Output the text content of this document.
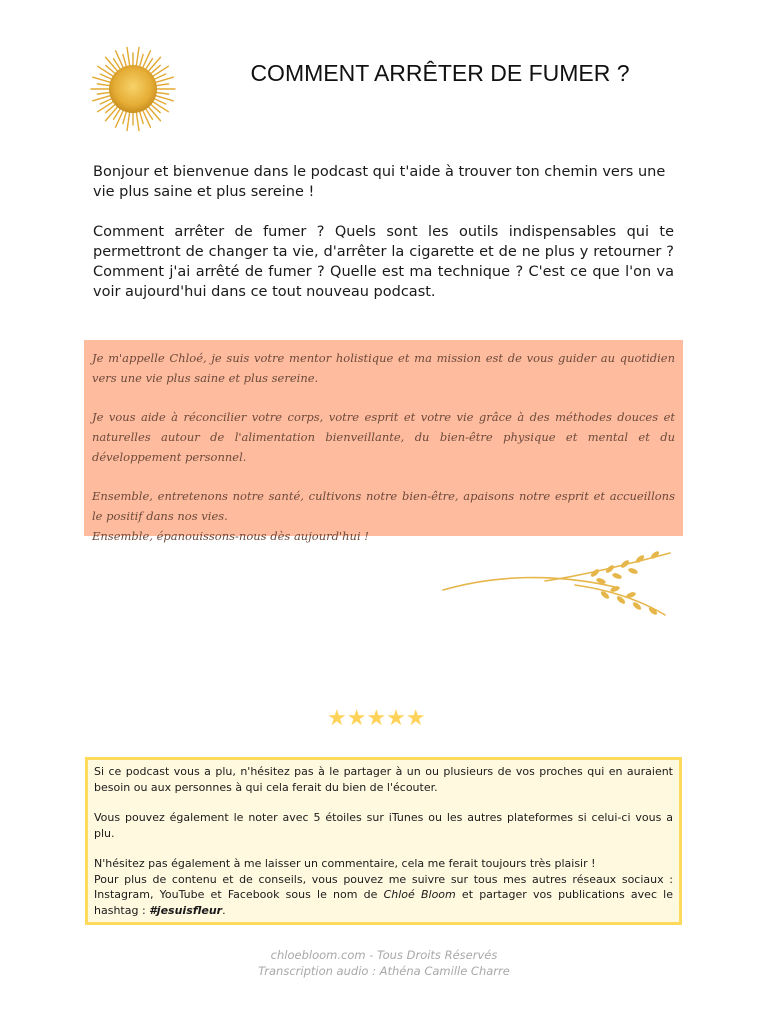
COMMENT ARRÊTER DE FUMER ?

Bonjour et bienvenue dans le podcast qui t'aide à trouver ton chemin vers une vie plus saine et plus sereine !

Comment arrêter de fumer ? Quels sont les outils indispensables qui te permettront de changer ta vie, d'arrêter la cigarette et de ne plus y retourner ? Comment j'ai arrêté de fumer ? Quelle est ma technique ? C'est ce que l'on va voir aujourd'hui dans ce tout nouveau podcast.

Je m'appelle Chloé, je suis votre mentor holistique et ma mission est de vous guider au quotidien vers une vie plus saine et plus sereine.

Je vous aide à réconcilier votre corps, votre esprit et votre vie grâce à des méthodes douces et naturelles autour de l'alimentation bienveillante, du bien-être physique et mental et du développement personnel.

Ensemble, entretenons notre santé, cultivons notre bien-être, apaisons notre esprit et accueillons le positif dans nos vies.

Ensemble, épanouissons-nous dès aujourd'hui !

★★★★★

Si ce podcast vous a plu, n'hésitez pas à le partager à un ou plusieurs de vos proches qui en auraient besoin ou aux personnes à qui cela ferait du bien de l'écouter.

Vous pouvez également le noter avec 5 étoiles sur iTunes ou les autres plateformes si celui-ci vous a plu.

N'hésitez pas également à me laisser un commentaire, cela me ferait toujours très plaisir !

Pour plus de contenu et de conseils, vous pouvez me suivre sur tous mes autres réseaux sociaux : Instagram, YouTube et Facebook sous le nom de Chloé Bloom et partager vos publications avec le hashtag : #jesuisfleur.

chloebloom.com - Tous Droits Réservés
Transcription audio : Athéna Camille Charre
